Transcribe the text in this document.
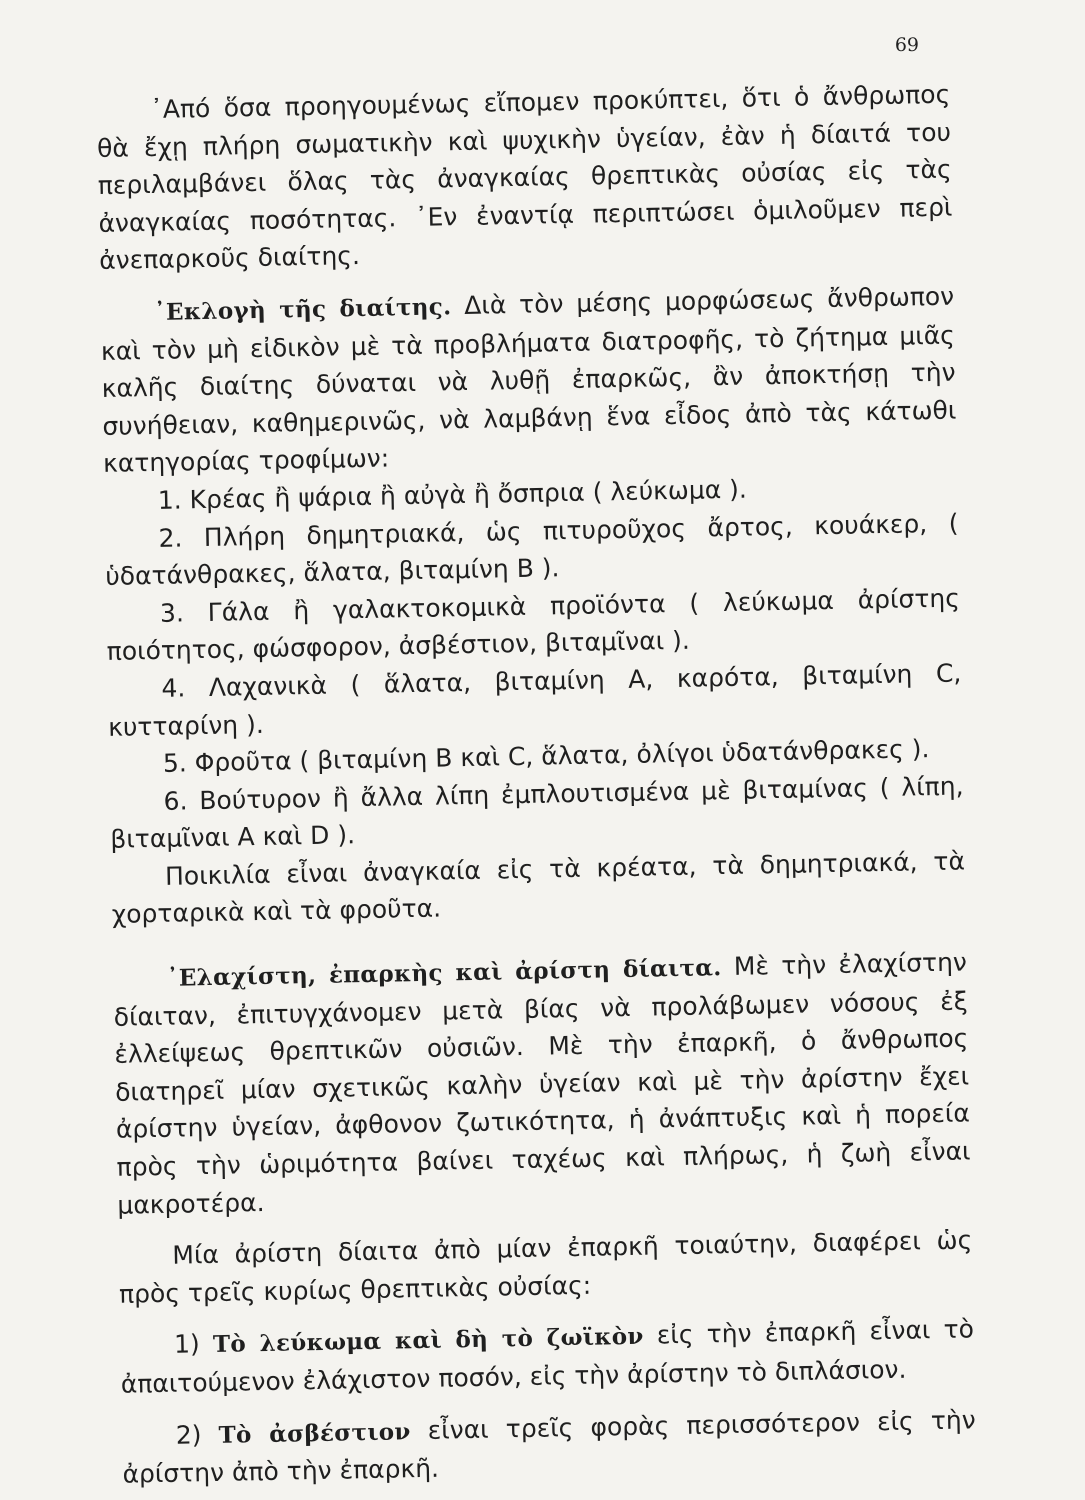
69

᾽Από ὅσα προηγουμένως εἴπομεν προκύπτει, ὅτι ὁ ἄνθρωπος θὰ ἔχῃ πλήρη σωματικὴν καὶ ψυχικὴν ὑγείαν, ἐὰν ἡ δίαιτά του περιλαμβάνει ὅλας τὰς ἀναγκαίας θρεπτικὰς οὐσίας εἰς τὰς ἀναγκαίας ποσότητας. ᾽Εν ἐναντίᾳ περιπτώσει ὁμιλοῦμεν περὶ ἀνεπαρκοῦς διαίτης.

᾽Εκλογὴ τῆς διαίτης. Διὰ τὸν μέσης μορφώσεως ἄνθρωπον καὶ τὸν μὴ εἰδικὸν μὲ τὰ προβλήματα διατροφῆς, τὸ ζήτημα μιᾶς καλῆς διαίτης δύναται νὰ λυθῇ ἐπαρκῶς, ἂν ἀποκτήσῃ τὴν συνήθειαν, καθημερινῶς, νὰ λαμβάνῃ ἕνα εἶδος ἀπὸ τὰς κάτωθι κατηγορίας τροφίμων:

1. Κρέας ἢ ψάρια ἢ αὐγὰ ἢ ὄσπρια ( λεύκωμα ).

2. Πλήρη δημητριακά, ὡς πιτυροῦχος ἄρτος, κουάκερ, ( ὑδατάνθρακες, ἅλατα, βιταμίνη Β ).

3. Γάλα ἢ γαλακτοκομικὰ προϊόντα ( λεύκωμα ἀρίστης ποιότητος, φώσφορον, ἀσβέστιον, βιταμῖναι ).

4. Λαχανικὰ ( ἅλατα, βιταμίνη Α, καρότα, βιταμίνη C, κυτταρίνη ).

5. Φροῦτα ( βιταμίνη Β καὶ C, ἅλατα, ὀλίγοι ὑδατάνθρακες ).

6. Βούτυρον ἢ ἄλλα λίπη ἐμπλουτισμένα μὲ βιταμίνας ( λίπη, βιταμῖναι Α καὶ D ).

Ποικιλία εἶναι ἀναγκαία εἰς τὰ κρέατα, τὰ δημητριακά, τὰ χορταρικὰ καὶ τὰ φροῦτα.

᾽Ελαχίστη, ἐπαρκὴς καὶ ἀρίστη δίαιτα. Μὲ τὴν ἐλαχίστην δίαιταν, ἐπιτυγχάνομεν μετὰ βίας νὰ προλάβωμεν νόσους ἐξ ἐλλείψεως θρεπτικῶν οὐσιῶν. Μὲ τὴν ἐπαρκῆ, ὁ ἄνθρωπος διατηρεῖ μίαν σχετικῶς καλὴν ὑγείαν καὶ μὲ τὴν ἀρίστην ἔχει ἀρίστην ὑγείαν, ἀφθονον ζωτικότητα, ἡ ἀνάπτυξις καὶ ἡ πορεία πρὸς τὴν ὡριμότητα βαίνει ταχέως καὶ πλήρως, ἡ ζωὴ εἶναι μακροτέρα.

Μία ἀρίστη δίαιτα ἀπὸ μίαν ἐπαρκῆ τοιαύτην, διαφέρει ὡς πρὸς τρεῖς κυρίως θρεπτικὰς οὐσίας:

1) Τὸ λεύκωμα καὶ δὴ τὸ ζωϊκὸν εἰς τὴν ἐπαρκῆ εἶναι τὸ ἀπαιτούμενον ἐλάχιστον ποσόν, εἰς τὴν ἀρίστην τὸ διπλάσιον.

2) Τὸ ἀσβέστιον εἶναι τρεῖς φορὰς περισσότερον εἰς τὴν ἀρίστην ἀπὸ τὴν ἐπαρκῆ.
